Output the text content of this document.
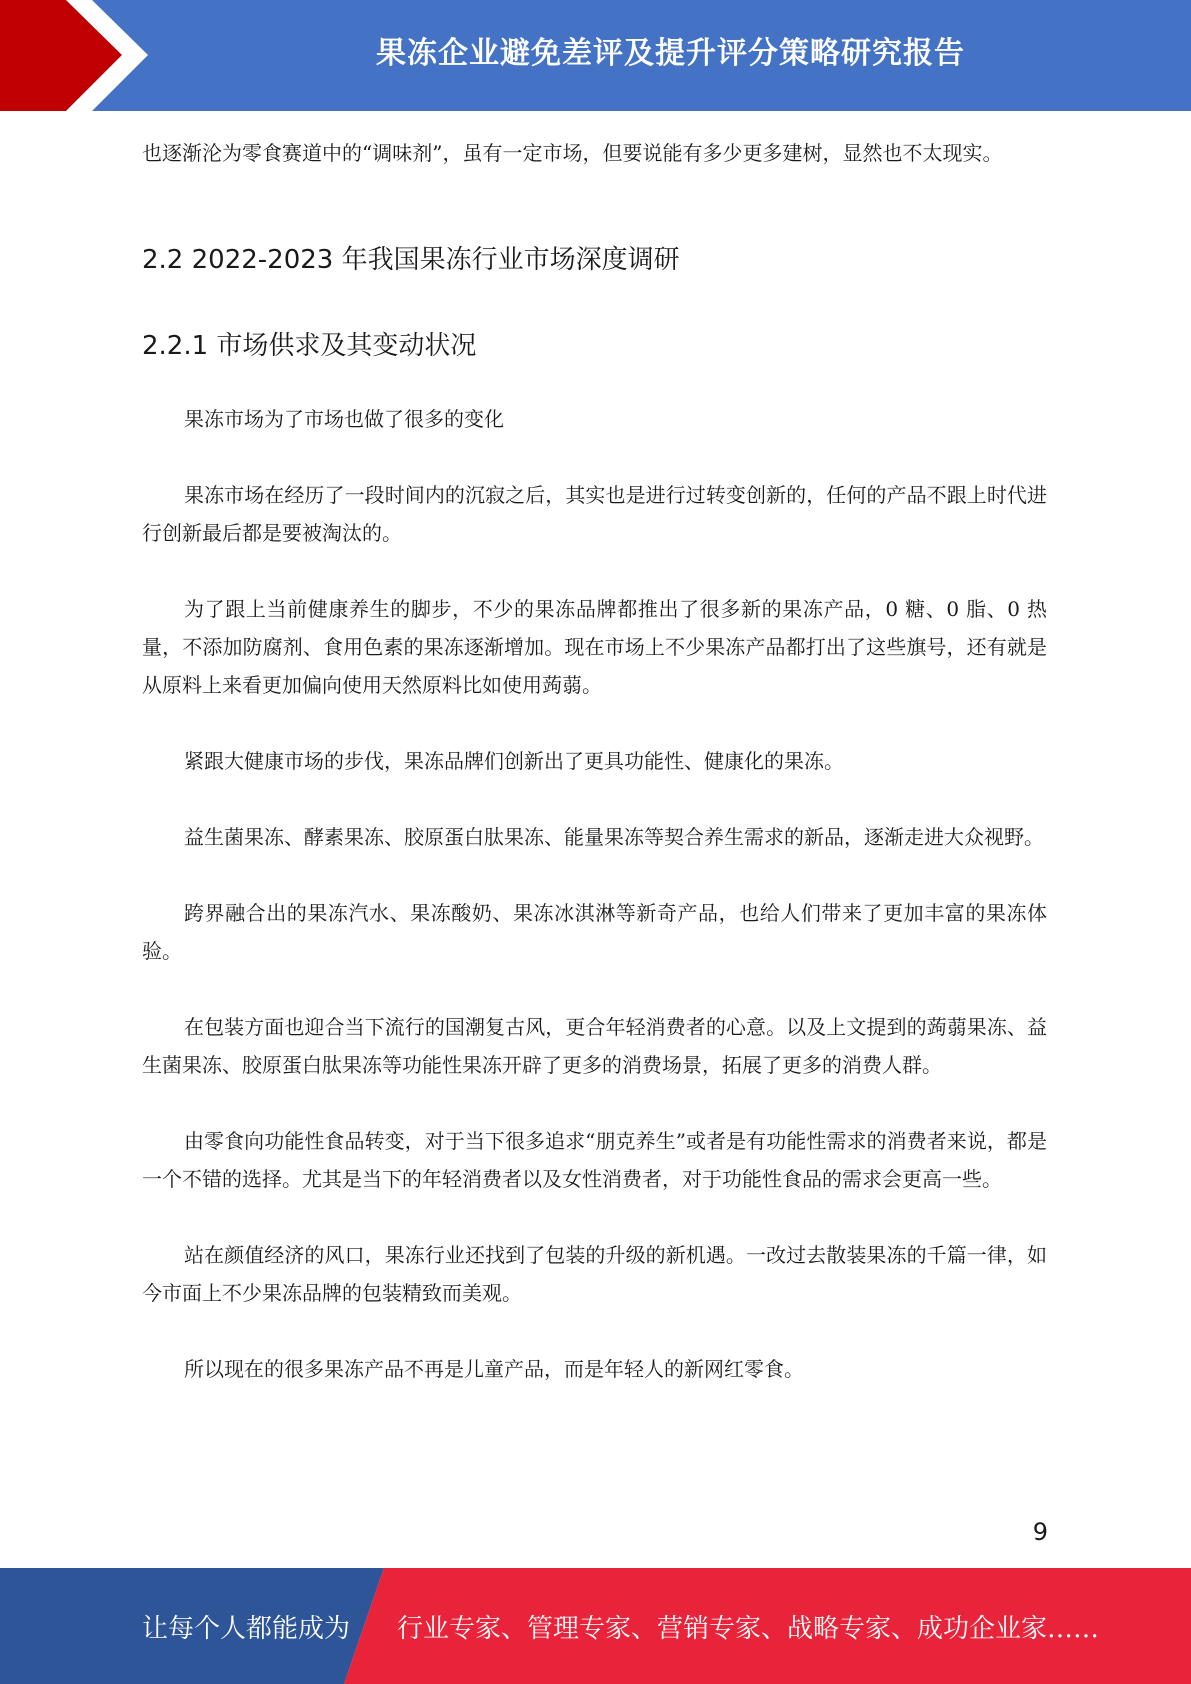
果冻企业避免差评及提升评分策略研究报告

也逐渐沦为零食赛道中的“调味剂”，虽有一定市场，但要说能有多少更多建树，显然也不太现实。

2.2 2022-2023 年我国果冻行业市场深度调研
2.2.1 市场供求及其变动状况

果冻市场为了市场也做了很多的变化

果冻市场在经历了一段时间内的沉寂之后，其实也是进行过转变创新的，任何的产品不跟上时代进行创新最后都是要被淘汰的。

为了跟上当前健康养生的脚步，不少的果冻品牌都推出了很多新的果冻产品，0 糖、0 脂、0 热量，不添加防腐剂、食用色素的果冻逐渐增加。现在市场上不少果冻产品都打出了这些旗号，还有就是从原料上来看更加偏向使用天然原料比如使用蒟蒻。

紧跟大健康市场的步伐，果冻品牌们创新出了更具功能性、健康化的果冻。

益生菌果冻、酵素果冻、胶原蛋白肽果冻、能量果冻等契合养生需求的新品，逐渐走进大众视野。

跨界融合出的果冻汽水、果冻酸奶、果冻冰淇淋等新奇产品，也给人们带来了更加丰富的果冻体验。

在包装方面也迎合当下流行的国潮复古风，更合年轻消费者的心意。以及上文提到的蒟蒻果冻、益生菌果冻、胶原蛋白肽果冻等功能性果冻开辟了更多的消费场景，拓展了更多的消费人群。

由零食向功能性食品转变，对于当下很多追求“朋克养生”或者是有功能性需求的消费者来说，都是一个不错的选择。尤其是当下的年轻消费者以及女性消费者，对于功能性食品的需求会更高一些。

站在颜值经济的风口，果冻行业还找到了包装的升级的新机遇。一改过去散装果冻的千篇一律，如今市面上不少果冻品牌的包装精致而美观。

所以现在的很多果冻产品不再是儿童产品，而是年轻人的新网红零食。

9
让每个人都能成为 行业专家、管理专家、营销专家、战略专家、成功企业家……
